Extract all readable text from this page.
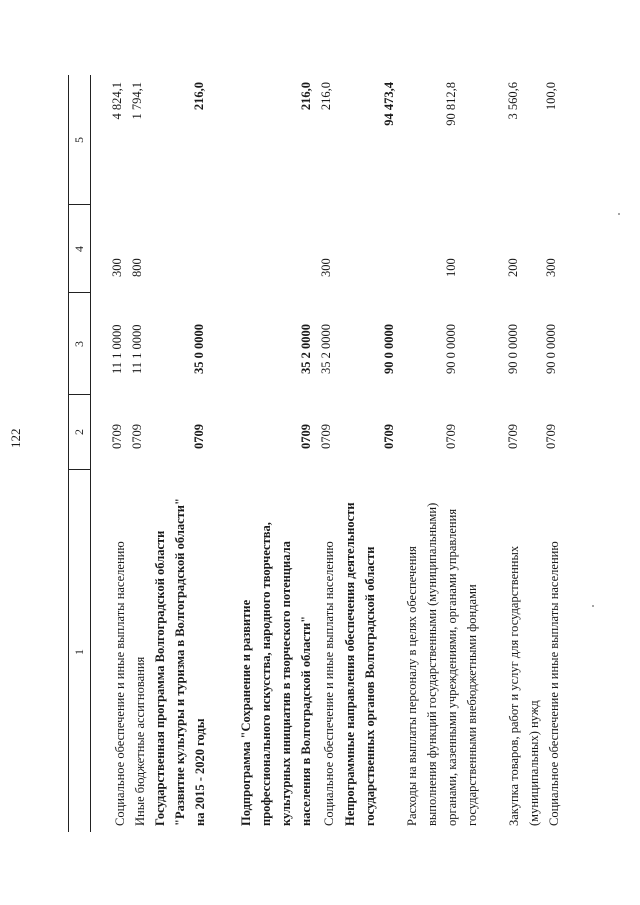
122
1
2
3
4
5
Социальное обеспечение и иные выплаты населению
0709
11 1 0000
300
4 824,1
Иные бюджетные ассигнования
0709
11 1 0000
800
1 794,1
Государственная программа Волгоградской области "Развитие культуры и туризма в Волгоградской области" на 2015 - 2020 годы
0709
35 0 0000
216,0
Подпрограмма "Сохранение и развитие профессионального искусства, народного творчества, культурных инициатив в творческого потенциала населения в Волгоградской области"
0709
35 2 0000
216,0
Социальное обеспечение и иные выплаты населению
0709
35 2 0000
300
216,0
Непрограммные направления обеспечения деятельности государственных органов Волгоградской области
0709
90 0 0000
94 473,4
Расходы на выплаты персоналу в целях обеспечения выполнения функций государственными (муниципальными) органами, казенными учреждениями, органами управления государственными внебюджетными фондами
0709
90 0 0000
100
90 812,8
Закупка товаров, работ и услуг для государственных (муниципальных) нужд
0709
90 0 0000
200
3 560,6
Социальное обеспечение и иные выплаты населению
0709
90 0 0000
300
100,0
